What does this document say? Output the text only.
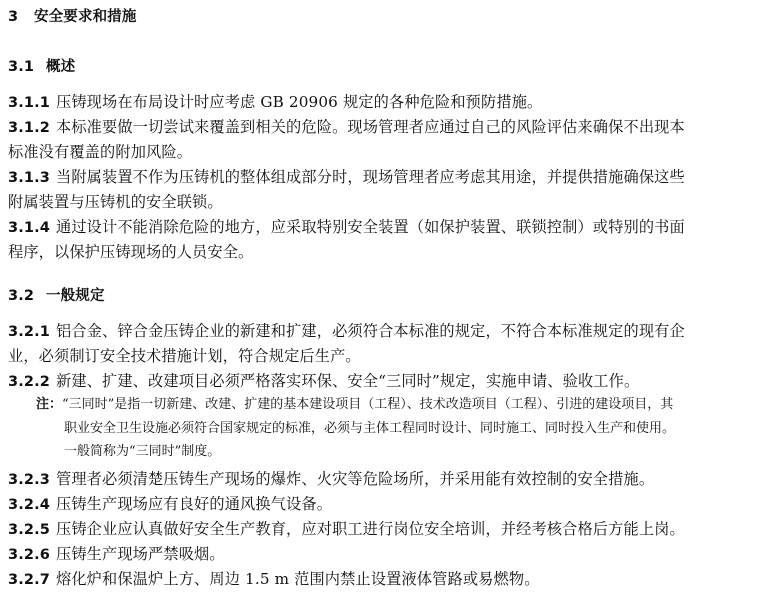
3 安全要求和措施
3.1 概述
3.1.1 压铸现场在布局设计时应考虑 GB 20906 规定的各种危险和预防措施。
3.1.2 本标准要做一切尝试来覆盖到相关的危险。现场管理者应通过自己的风险评估来确保不出现本
标准没有覆盖的附加风险。
3.1.3 当附属装置不作为压铸机的整体组成部分时，现场管理者应考虑其用途，并提供措施确保这些
附属装置与压铸机的安全联锁。
3.1.4 通过设计不能消除危险的地方，应采取特别安全装置（如保护装置、联锁控制）或特别的书面
程序，以保护压铸现场的人员安全。
3.2 一般规定
3.2.1 铝合金、锌合金压铸企业的新建和扩建，必须符合本标准的规定，不符合本标准规定的现有企
业，必须制订安全技术措施计划，符合规定后生产。
3.2.2 新建、扩建、改建项目必须严格落实环保、安全“三同时”规定，实施申请、验收工作。
注：“三同时”是指一切新建、改建、扩建的基本建设项目（工程）、技术改造项目（工程）、引进的建设项目，其
职业安全卫生设施必须符合国家规定的标准，必须与主体工程同时设计、同时施工、同时投入生产和使用。
一般简称为“三同时”制度。
3.2.3 管理者必须清楚压铸生产现场的爆炸、火灾等危险场所，并采用能有效控制的安全措施。
3.2.4 压铸生产现场应有良好的通风换气设备。
3.2.5 压铸企业应认真做好安全生产教育，应对职工进行岗位安全培训，并经考核合格后方能上岗。
3.2.6 压铸生产现场严禁吸烟。
3.2.7 熔化炉和保温炉上方、周边 1.5 m 范围内禁止设置液体管路或易燃物。
